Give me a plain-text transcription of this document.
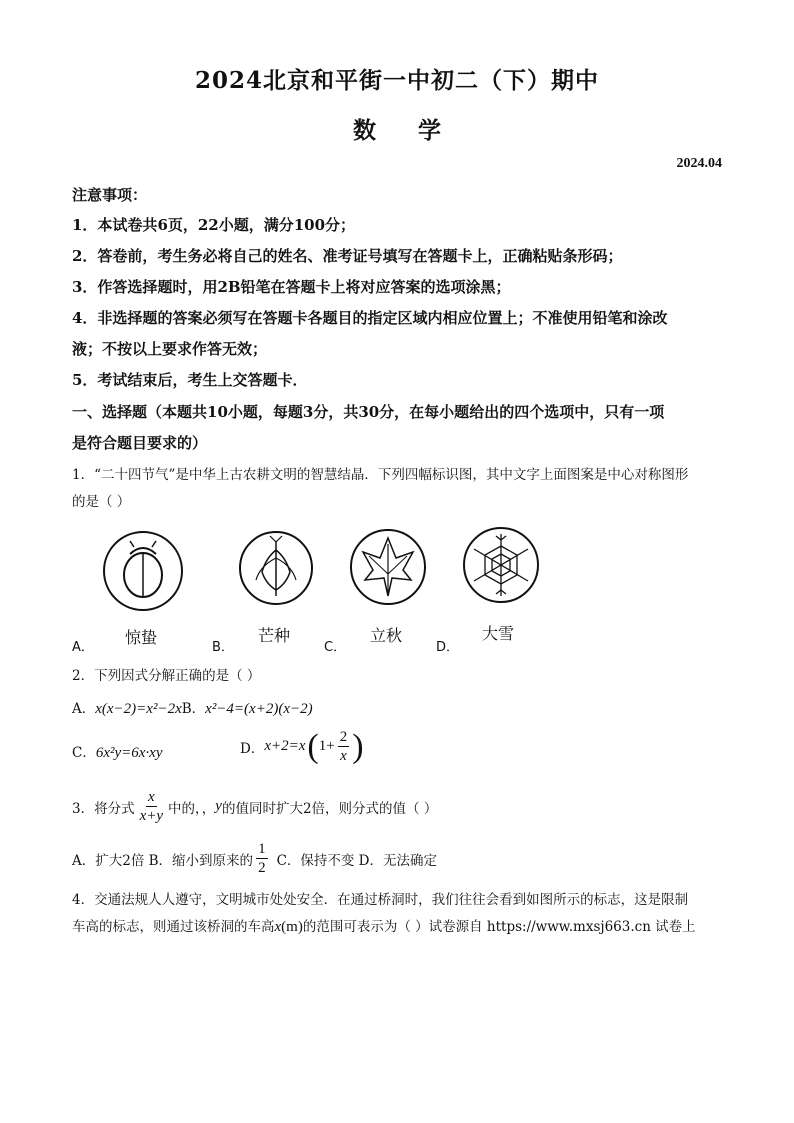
2024北京和平街一中初二（下）期中
数 学
2024.04
注意事项：
1．本试卷共6页，22小题，满分100分；
2．答卷前，考生务必将自己的姓名、准考证号填写在答题卡上，正确粘贴条形码；
3．作答选择题时，用2B铅笔在答题卡上将对应答案的选项涂黑；
4．非选择题的答案必须写在答题卡各题目的指定区域内相应位置上；不准使用铅笔和涂改
液；不按以上要求作答无效；
5．考试结束后，考生上交答题卡．
一、选择题（本题共10小题，每题3分，共30分，在每小题给出的四个选项中，只有一项
是符合题目要求的）
1．“二十四节气”是中华上古农耕文明的智慧结晶．下列四幅标识图，其中文字上面图案是中心对称图形
的是（ ）
A．
惊蛰
B．
芒种
C．
立秋
D．
大雪
2．下列因式分解正确的是（ ）
A．x(x−2)=x²−2xB．x²−4=(x+2)(x−2)
C．6x²y=6x·xy	D． x+2=x ( $1+ \frac{2}{x}$ )
3．将分式 $\frac{x}{x+y}$ 中的 ，， y 的值同时扩大2倍，则分式的值（ ）
A．扩大2倍 B．缩小到原来的 $\frac{1}{2}$ C．保持不变 D．无法确定
4．交通法规人人遵守，文明城市处处安全．在通过桥洞时，我们往往会看到如图所示的标志，这是限制
车高的标志，则通过该桥洞的车高x(m)的范围可表示为（ ）试卷源自 https://www.mxsj663.cn 试卷上
